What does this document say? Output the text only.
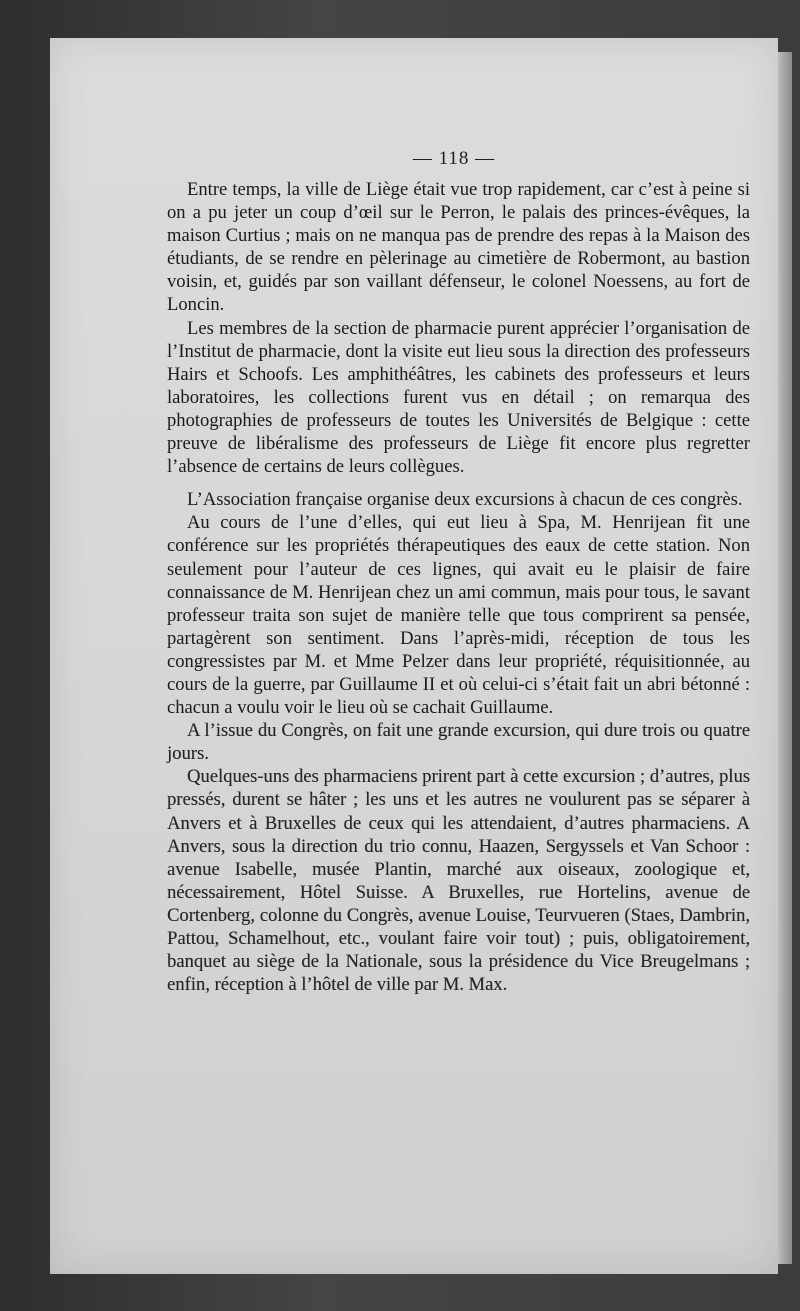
— 118 —

Entre temps, la ville de Liège était vue trop rapidement, car c’est à peine si on a pu jeter un coup d’œil sur le Perron, le palais des princes-évêques, la maison Curtius ; mais on ne manqua pas de prendre des repas à la Maison des étudiants, de se rendre en pèlerinage au cimetière de Robermont, au bastion voisin, et, guidés par son vaillant défenseur, le colonel Noessens, au fort de Loncin.

Les membres de la section de pharmacie purent apprécier l’organisation de l’Institut de pharmacie, dont la visite eut lieu sous la direction des professeurs Hairs et Schoofs. Les amphithéâtres, les cabinets des professeurs et leurs laboratoires, les collections furent vus en détail ; on remarqua des photographies de professeurs de toutes les Universités de Belgique : cette preuve de libéralisme des professeurs de Liège fit encore plus regretter l’absence de certains de leurs collègues.

L’Association française organise deux excursions à chacun de ces congrès.

Au cours de l’une d’elles, qui eut lieu à Spa, M. Henrijean fit une conférence sur les propriétés thérapeutiques des eaux de cette station. Non seulement pour l’auteur de ces lignes, qui avait eu le plaisir de faire connaissance de M. Henrijean chez un ami commun, mais pour tous, le savant professeur traita son sujet de manière telle que tous comprirent sa pensée, partagèrent son sentiment. Dans l’après-midi, réception de tous les congressistes par M. et Mme Pelzer dans leur propriété, réquisitionnée, au cours de la guerre, par Guillaume II et où celui-ci s’était fait un abri bétonné : chacun a voulu voir le lieu où se cachait Guillaume.

A l’issue du Congrès, on fait une grande excursion, qui dure trois ou quatre jours.

Quelques-uns des pharmaciens prirent part à cette excursion ; d’autres, plus pressés, durent se hâter ; les uns et les autres ne voulurent pas se séparer à Anvers et à Bruxelles de ceux qui les attendaient, d’autres pharmaciens. A Anvers, sous la direction du trio connu, Haazen, Sergyssels et Van Schoor : avenue Isabelle, musée Plantin, marché aux oiseaux, zoologique et, nécessairement, Hôtel Suisse. A Bruxelles, rue Hortelins, avenue de Cortenberg, colonne du Congrès, avenue Louise, Teurvueren (Staes, Dambrin, Pattou, Schamelhout, etc., voulant faire voir tout) ; puis, obligatoirement, banquet au siège de la Nationale, sous la présidence du Vice Breugelmans ; enfin, réception à l’hôtel de ville par M. Max.
